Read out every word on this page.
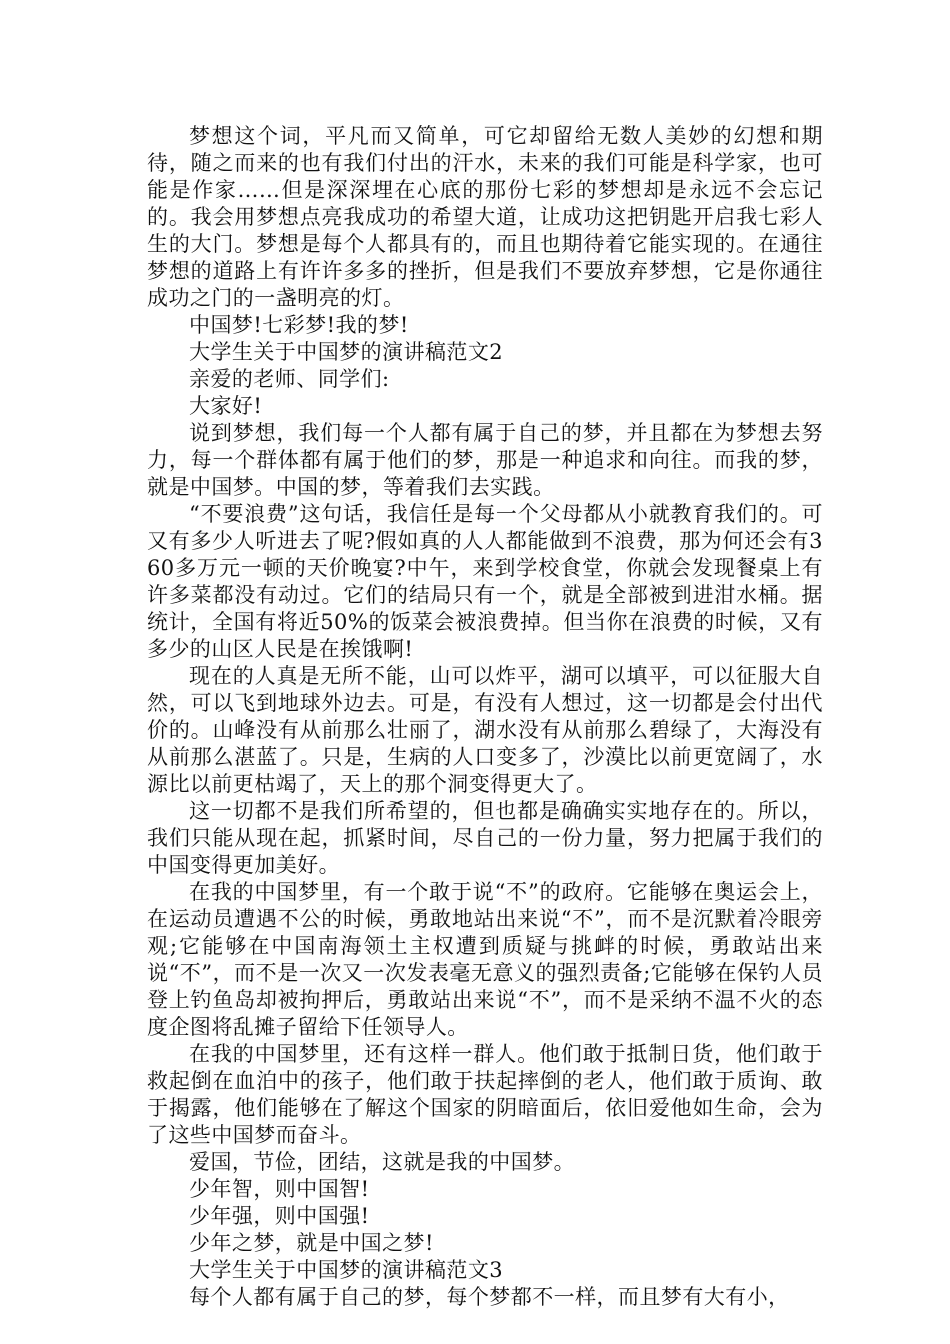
梦想这个词，平凡而又简单，可它却留给无数人美妙的幻想和期待，随之而来的也有我们付出的汗水，未来的我们可能是科学家，也可能是作家……但是深深埋在心底的那份七彩的梦想却是永远不会忘记的。我会用梦想点亮我成功的希望大道，让成功这把钥匙开启我七彩人生的大门。梦想是每个人都具有的，而且也期待着它能实现的。在通往梦想的道路上有许许多多的挫折，但是我们不要放弃梦想，它是你通往成功之门的一盏明亮的灯。

中国梦!七彩梦!我的梦!

大学生关于中国梦的演讲稿范文2

亲爱的老师、同学们:

大家好!

说到梦想，我们每一个人都有属于自己的梦，并且都在为梦想去努力，每一个群体都有属于他们的梦，那是一种追求和向往。而我的梦，就是中国梦。中国的梦，等着我们去实践。

“不要浪费”这句话，我信任是每一个父母都从小就教育我们的。可又有多少人听进去了呢?假如真的人人都能做到不浪费，那为何还会有360多万元一顿的天价晚宴?中午，来到学校食堂，你就会发现餐桌上有许多菜都没有动过。它们的结局只有一个，就是全部被到进泔水桶。据统计，全国有将近50%的饭菜会被浪费掉。但当你在浪费的时候，又有多少的山区人民是在挨饿啊!

现在的人真是无所不能，山可以炸平，湖可以填平，可以征服大自然，可以飞到地球外边去。可是，有没有人想过，这一切都是会付出代价的。山峰没有从前那么壮丽了，湖水没有从前那么碧绿了，大海没有从前那么湛蓝了。只是，生病的人口变多了，沙漠比以前更宽阔了，水源比以前更枯竭了，天上的那个洞变得更大了。

这一切都不是我们所希望的，但也都是确确实实地存在的。所以，我们只能从现在起，抓紧时间，尽自己的一份力量，努力把属于我们的中国变得更加美好。

在我的中国梦里，有一个敢于说“不”的政府。它能够在奥运会上，在运动员遭遇不公的时候，勇敢地站出来说“不”，而不是沉默着冷眼旁观;它能够在中国南海领土主权遭到质疑与挑衅的时候，勇敢站出来说“不”，而不是一次又一次发表毫无意义的强烈责备;它能够在保钓人员登上钓鱼岛却被拘押后，勇敢站出来说“不”，而不是采纳不温不火的态度企图将乱摊子留给下任领导人。

在我的中国梦里，还有这样一群人。他们敢于抵制日货，他们敢于救起倒在血泊中的孩子，他们敢于扶起摔倒的老人，他们敢于质询、敢于揭露，他们能够在了解这个国家的阴暗面后，依旧爱他如生命，会为了这些中国梦而奋斗。

爱国，节俭，团结，这就是我的中国梦。

少年智，则中国智!

少年强，则中国强!

少年之梦，就是中国之梦!

大学生关于中国梦的演讲稿范文3

每个人都有属于自己的梦，每个梦都不一样，而且梦有大有小，
